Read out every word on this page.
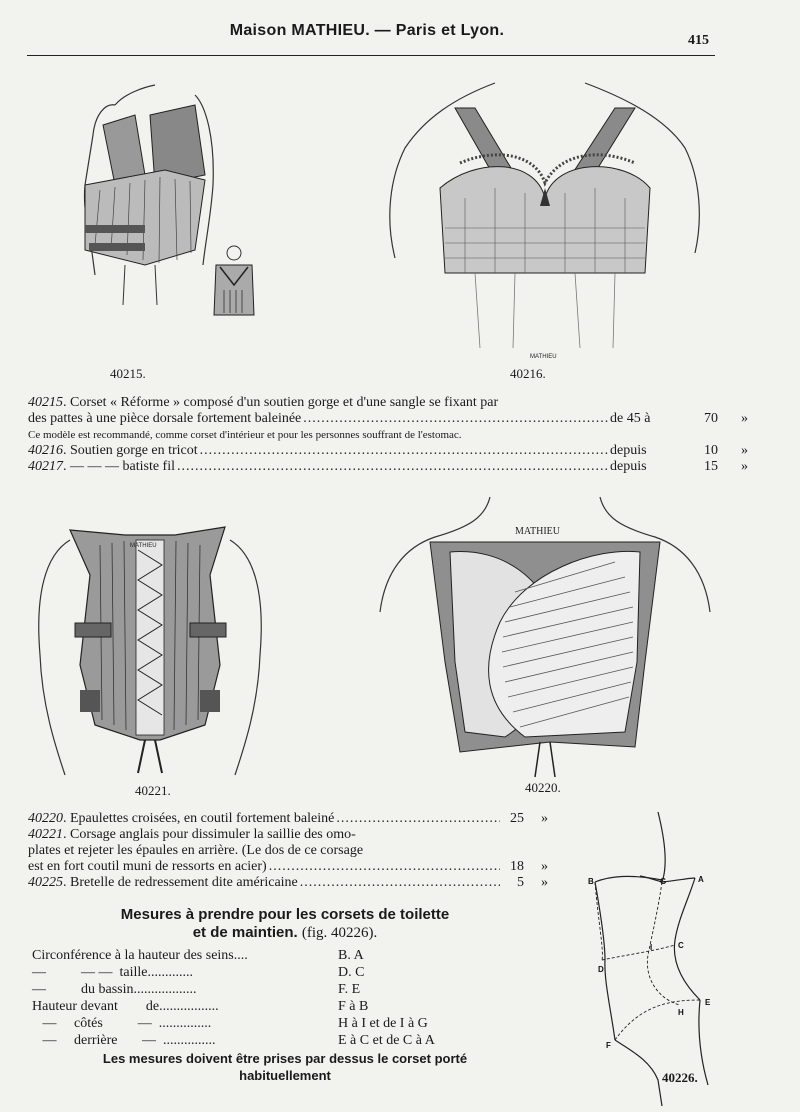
Maison MATHIEU. — Paris et Lyon.
415
40215.
MATHIEU
40216.
40215 . Corset « Réforme » composé d'un soutien gorge et d'une sangle se fixant par
des pattes à une pièce dorsale fortement baleinée .....	de 45 à	70	»
Ce modèle est recommandé, comme corset d'intérieur et pour les personnes souffrant de l'estomac.
40216 . Soutien gorge en tricot .....	depuis	10	»
40217 . — — — batiste fil .....	depuis	15	»
MATHIEU
40221.
MATHIEU
40220.
40220 . Epaulettes croisées, en coutil fortement baleiné .....	25	»
40221 . Corsage anglais pour dissimuler la saillie des omo-
plates et rejeter les épaules en arrière. (Le dos de ce corsage
est en fort coutil muni de ressorts en acier) .....	18	»
40225 . Bretelle de redressement dite américaine .....	5	»
Mesures à prendre pour les corsets de toilette
et de maintien. (fig. 40226).
Circonférence à la hauteur des seins....	B. A
—          — —  taille.............	D. C
—          du bassin..................	F. E
Hauteur devant        de.................	F à B
—     côtés          —  ...............	H à I et de I à G
—     derrière       —  ...............	E à C et de C à A
Les mesures doivent être prises par dessus le corset porté
habituellement
B	G	A
I	C
D
E
H
F
40226.
